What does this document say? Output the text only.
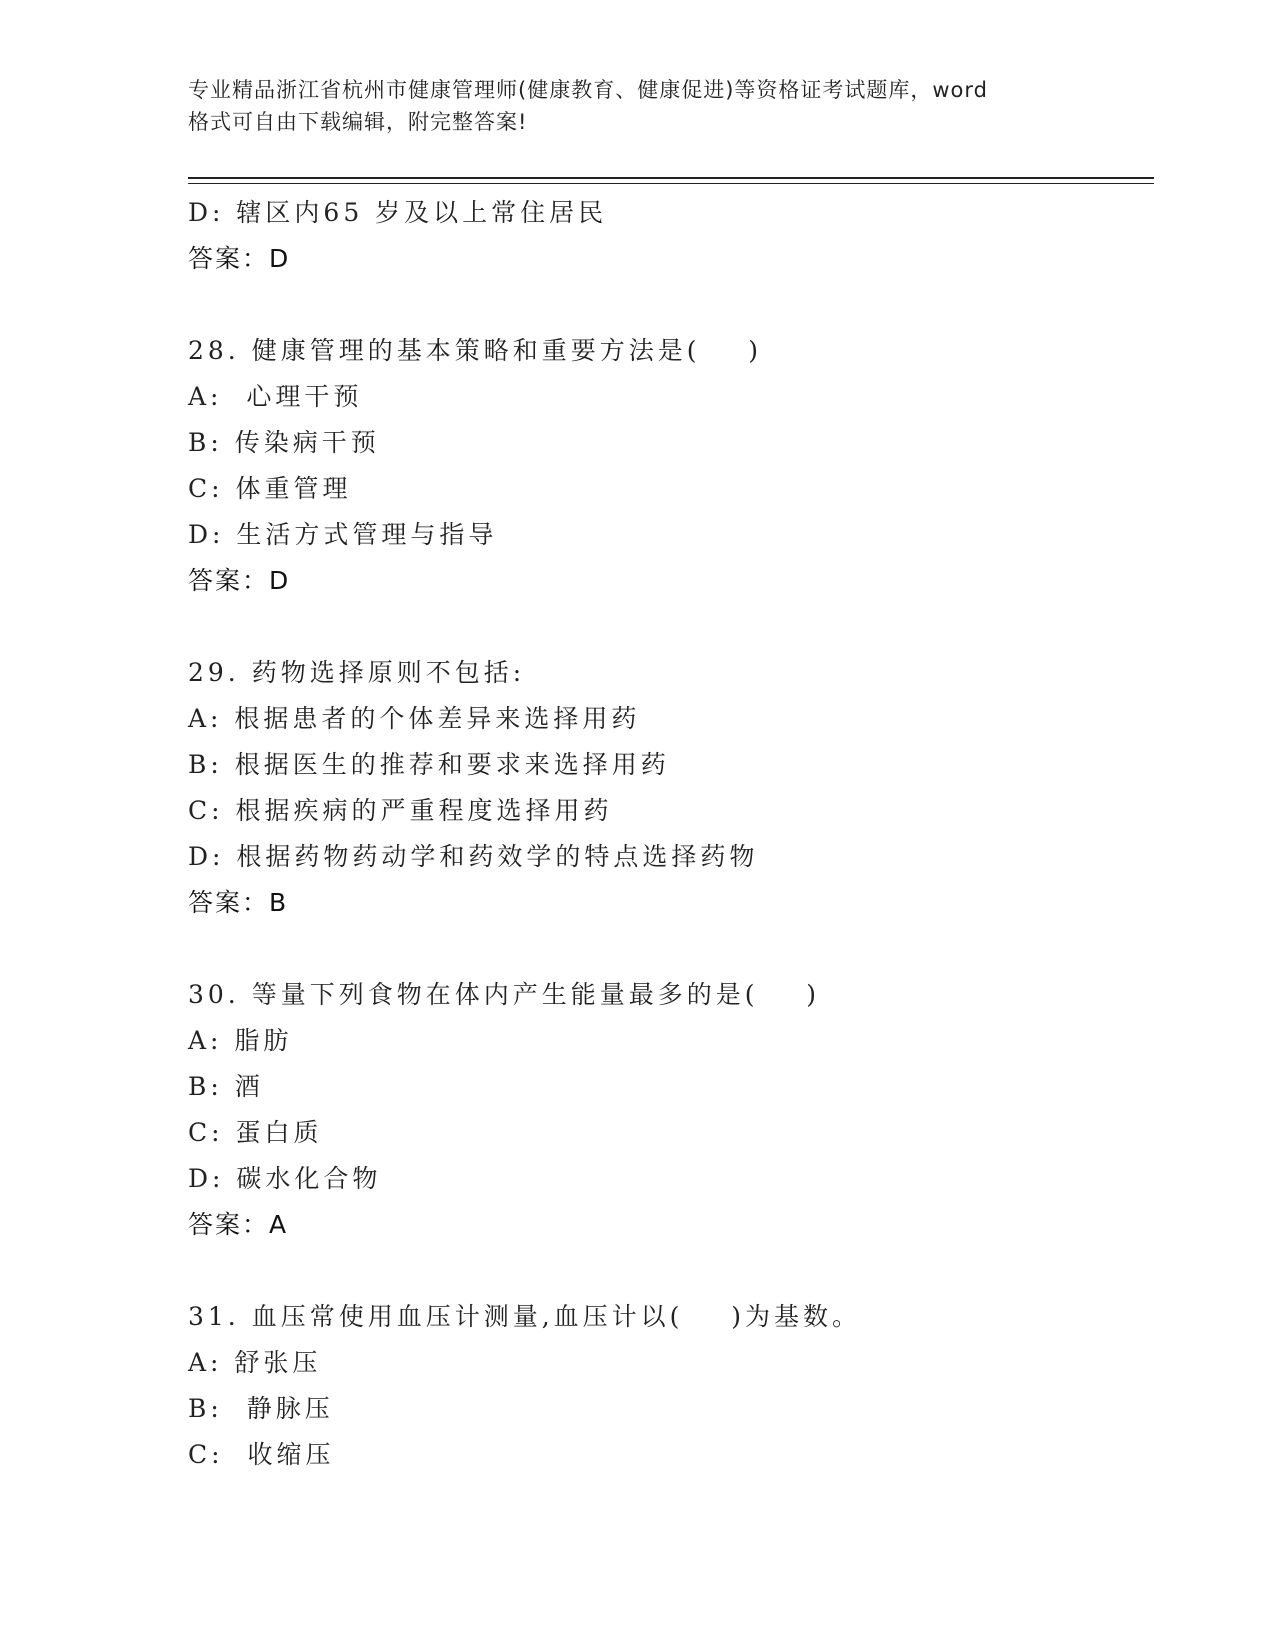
专业精品浙江省杭州市健康管理师(健康教育、健康促进)等资格证考试题库，word
格式可自由下载编辑，附完整答案!
D: 辖区内65 岁及以上常住居民
答案：D
28. 健康管理的基本策略和重要方法是(    )
A:  心理干预
B: 传染病干预
C: 体重管理
D: 生活方式管理与指导
答案：D
29. 药物选择原则不包括:
A: 根据患者的个体差异来选择用药
B: 根据医生的推荐和要求来选择用药
C: 根据疾病的严重程度选择用药
D: 根据药物药动学和药效学的特点选择药物
答案：B
30. 等量下列食物在体内产生能量最多的是(    )
A: 脂肪
B: 酒
C: 蛋白质
D: 碳水化合物
答案：A
31. 血压常使用血压计测量,血压计以(    )为基数。
A: 舒张压
B:  静脉压
C:  收缩压
